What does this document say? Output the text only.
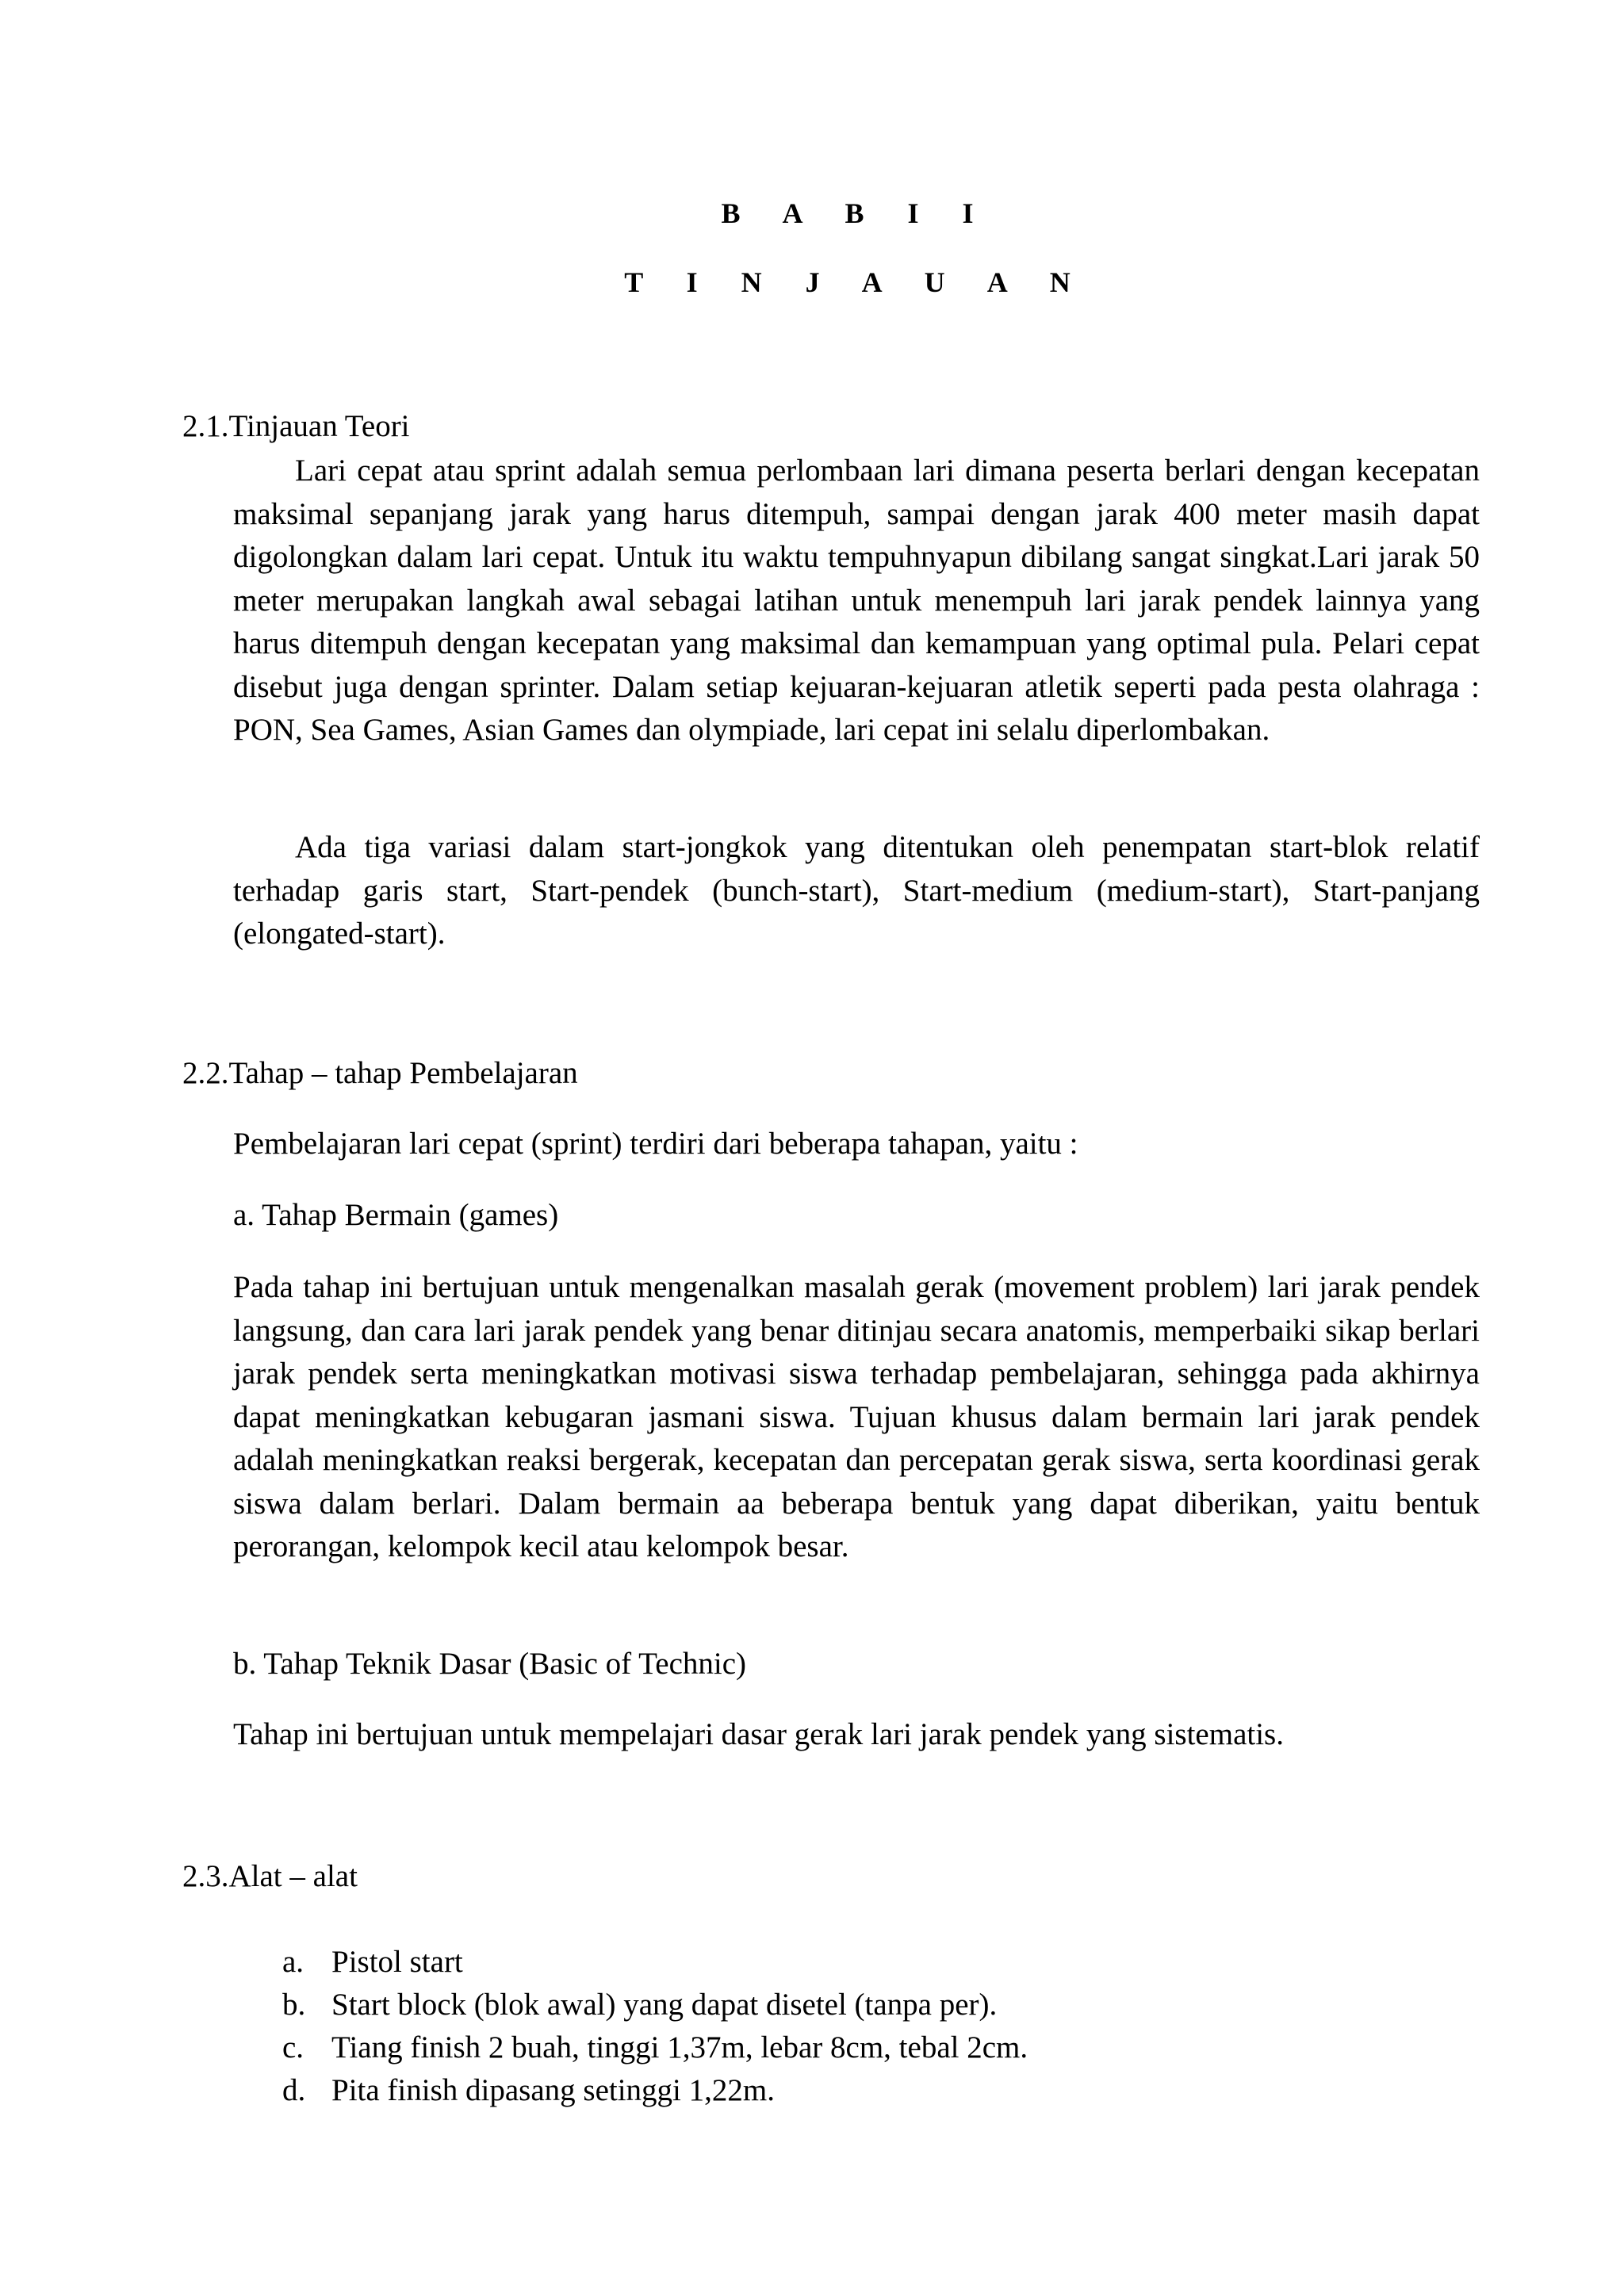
B A B I I
T I N J A U A N
2.1.Tinjauan Teori

Lari cepat atau sprint adalah semua perlombaan lari dimana peserta berlari dengan kecepatan maksimal sepanjang jarak yang harus ditempuh, sampai dengan jarak 400 meter masih dapat digolongkan dalam lari cepat. Untuk itu waktu tempuhnyapun dibilang sangat singkat.Lari jarak 50 meter merupakan langkah awal sebagai latihan untuk menempuh lari jarak pendek lainnya yang harus ditempuh dengan kecepatan yang maksimal dan kemampuan yang optimal pula. Pelari cepat disebut juga dengan sprinter. Dalam setiap kejuaran-kejuaran atletik seperti pada pesta olahraga : PON, Sea Games, Asian Games dan olympiade, lari cepat ini selalu diperlombakan.

Ada tiga variasi dalam start-jongkok yang ditentukan oleh penempatan start-blok relatif terhadap garis start, Start-pendek (bunch-start), Start-medium (medium-start), Start-panjang (elongated-start).

2.2.Tahap – tahap Pembelajaran
Pembelajaran lari cepat (sprint) terdiri dari beberapa tahapan, yaitu :
a. Tahap Bermain (games)

Pada tahap ini bertujuan untuk mengenalkan masalah gerak (movement problem) lari jarak pendek langsung, dan cara lari jarak pendek yang benar ditinjau secara anatomis, memperbaiki sikap berlari jarak pendek serta meningkatkan motivasi siswa terhadap pembelajaran, sehingga pada akhirnya dapat meningkatkan kebugaran jasmani siswa. Tujuan khusus dalam bermain lari jarak pendek adalah meningkatkan reaksi bergerak, kecepatan dan percepatan gerak siswa, serta koordinasi gerak siswa dalam berlari. Dalam bermain aa beberapa bentuk yang dapat diberikan, yaitu bentuk perorangan, kelompok kecil atau kelompok besar.

b. Tahap Teknik Dasar (Basic of Technic)
Tahap ini bertujuan untuk mempelajari dasar gerak lari jarak pendek yang sistematis.
2.3.Alat – alat
a. Pistol start
b. Start block (blok awal) yang dapat disetel (tanpa per).
c. Tiang finish 2 buah, tinggi 1,37m, lebar 8cm, tebal 2cm.
d. Pita finish dipasang setinggi 1,22m.
